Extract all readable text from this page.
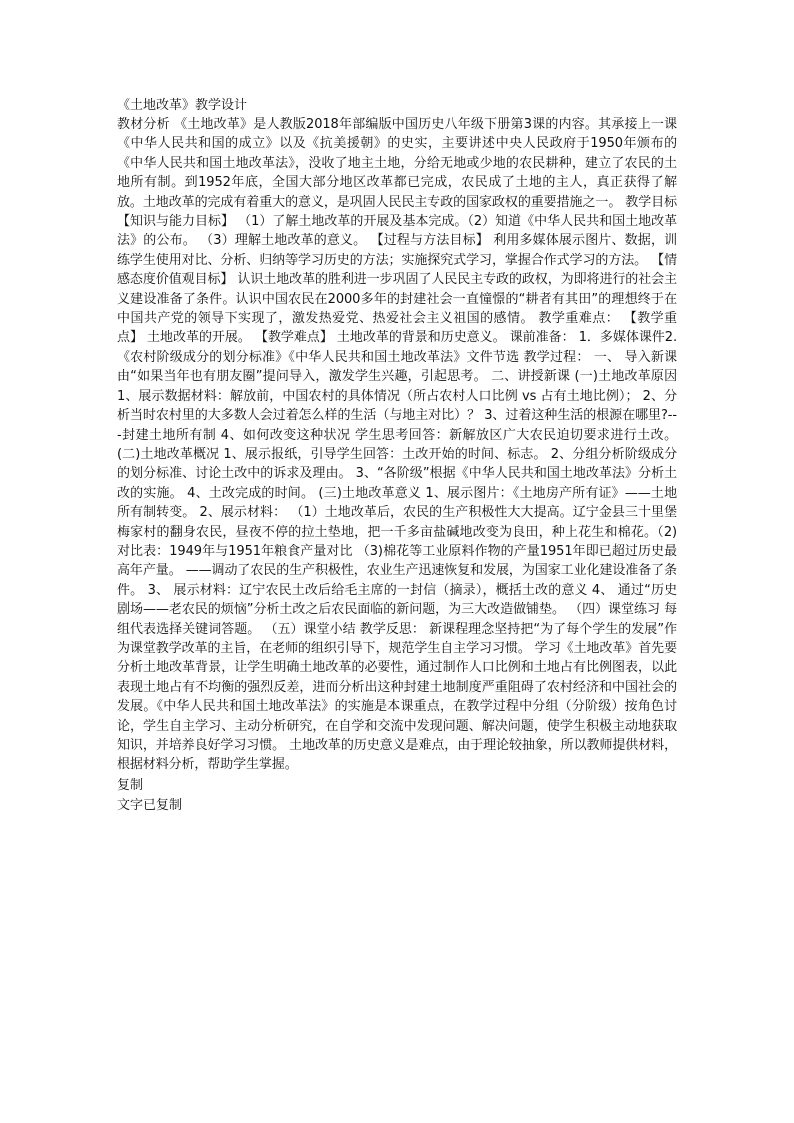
《土地改革》教学设计

教材分析 《土地改革》是人教版2018年部编版中国历史八年级下册第3课的内容。其承接上一课《中华人民共和国的成立》以及《抗美援朝》的史实，主要讲述中央人民政府于1950年颁布的《中华人民共和国土地改革法》，没收了地主土地，分给无地或少地的农民耕种，建立了农民的土地所有制。到1952年底，全国大部分地区改革都已完成，农民成了土地的主人，真正获得了解放。土地改革的完成有着重大的意义，是巩固人民民主专政的国家政权的重要措施之一。 教学目标 【知识与能力目标】 （1）了解土地改革的开展及基本完成。（2）知道《中华人民共和国土地改革法》的公布。 （3）理解土地改革的意义。 【过程与方法目标】 利用多媒体展示图片、数据，训练学生使用对比、分析、归纳等学习历史的方法；实施探究式学习，掌握合作式学习的方法。 【情感态度价值观目标】 认识土地改革的胜利进一步巩固了人民民主专政的政权，为即将进行的社会主义建设准备了条件。认识中国农民在2000多年的封建社会一直憧憬的“耕者有其田”的理想终于在中国共产党的领导下实现了，激发热爱党、热爱社会主义祖国的感情。 教学重难点： 【教学重点】 土地改革的开展。 【教学难点】 土地改革的背景和历史意义。 课前准备： 1．多媒体课件2.《农村阶级成分的划分标准》《中华人民共和国土地改革法》文件节选 教学过程： 一、 导入新课 由“如果当年也有朋友圈”提问导入，激发学生兴趣，引起思考。 二、讲授新课 (一)土地改革原因 1、展示数据材料：解放前，中国农村的具体情况（所占农村人口比例 vs 占有土地比例）； 2、分析当时农村里的大多数人会过着怎么样的生活（与地主对比）？ 3、过着这种生活的根源在哪里?---封建土地所有制 4、如何改变这种状况 学生思考回答：新解放区广大农民迫切要求进行土改。 (二)土地改革概况 1、展示报纸，引导学生回答：土改开始的时间、标志。 2、分组分析阶级成分的划分标准、讨论土改中的诉求及理由。 3、“各阶级”根据《中华人民共和国土地改革法》分析土改的实施。 4、土改完成的时间。 (三)土地改革意义 1、展示图片：《土地房产所有证》——土地所有制转变。 2、展示材料： （1）土地改革后，农民的生产积极性大大提高。辽宁金县三十里堡梅家村的翻身农民，昼夜不停的拉土垫地，把一千多亩盐碱地改变为良田，种上花生和棉花。（2)对比表：1949年与1951年粮食产量对比 （3)棉花等工业原料作物的产量1951年即已超过历史最高年产量。 ——调动了农民的生产积极性，农业生产迅速恢复和发展，为国家工业化建设准备了条件。 3、 展示材料：辽宁农民土改后给毛主席的一封信（摘录），概括土改的意义 4、 通过“历史剧场——老农民的烦恼”分析土改之后农民面临的新问题，为三大改造做铺垫。 （四）课堂练习 每组代表选择关键词答题。 （五）课堂小结 教学反思： 新课程理念坚持把“为了每个学生的发展”作为课堂教学改革的主旨，在老师的组织引导下，规范学生自主学习习惯。 学习《土地改革》首先要分析土地改革背景，让学生明确土地改革的必要性，通过制作人口比例和土地占有比例图表，以此表现土地占有不均衡的强烈反差，进而分析出这种封建土地制度严重阻碍了农村经济和中国社会的发展。《中华人民共和国土地改革法》的实施是本课重点，在教学过程中分组（分阶级）按角色讨论，学生自主学习、主动分析研究，在自学和交流中发现问题、解决问题，使学生积极主动地获取知识，并培养良好学习习惯。 土地改革的历史意义是难点，由于理论较抽象，所以教师提供材料，根据材料分析，帮助学生掌握。

复制
文字已复制
